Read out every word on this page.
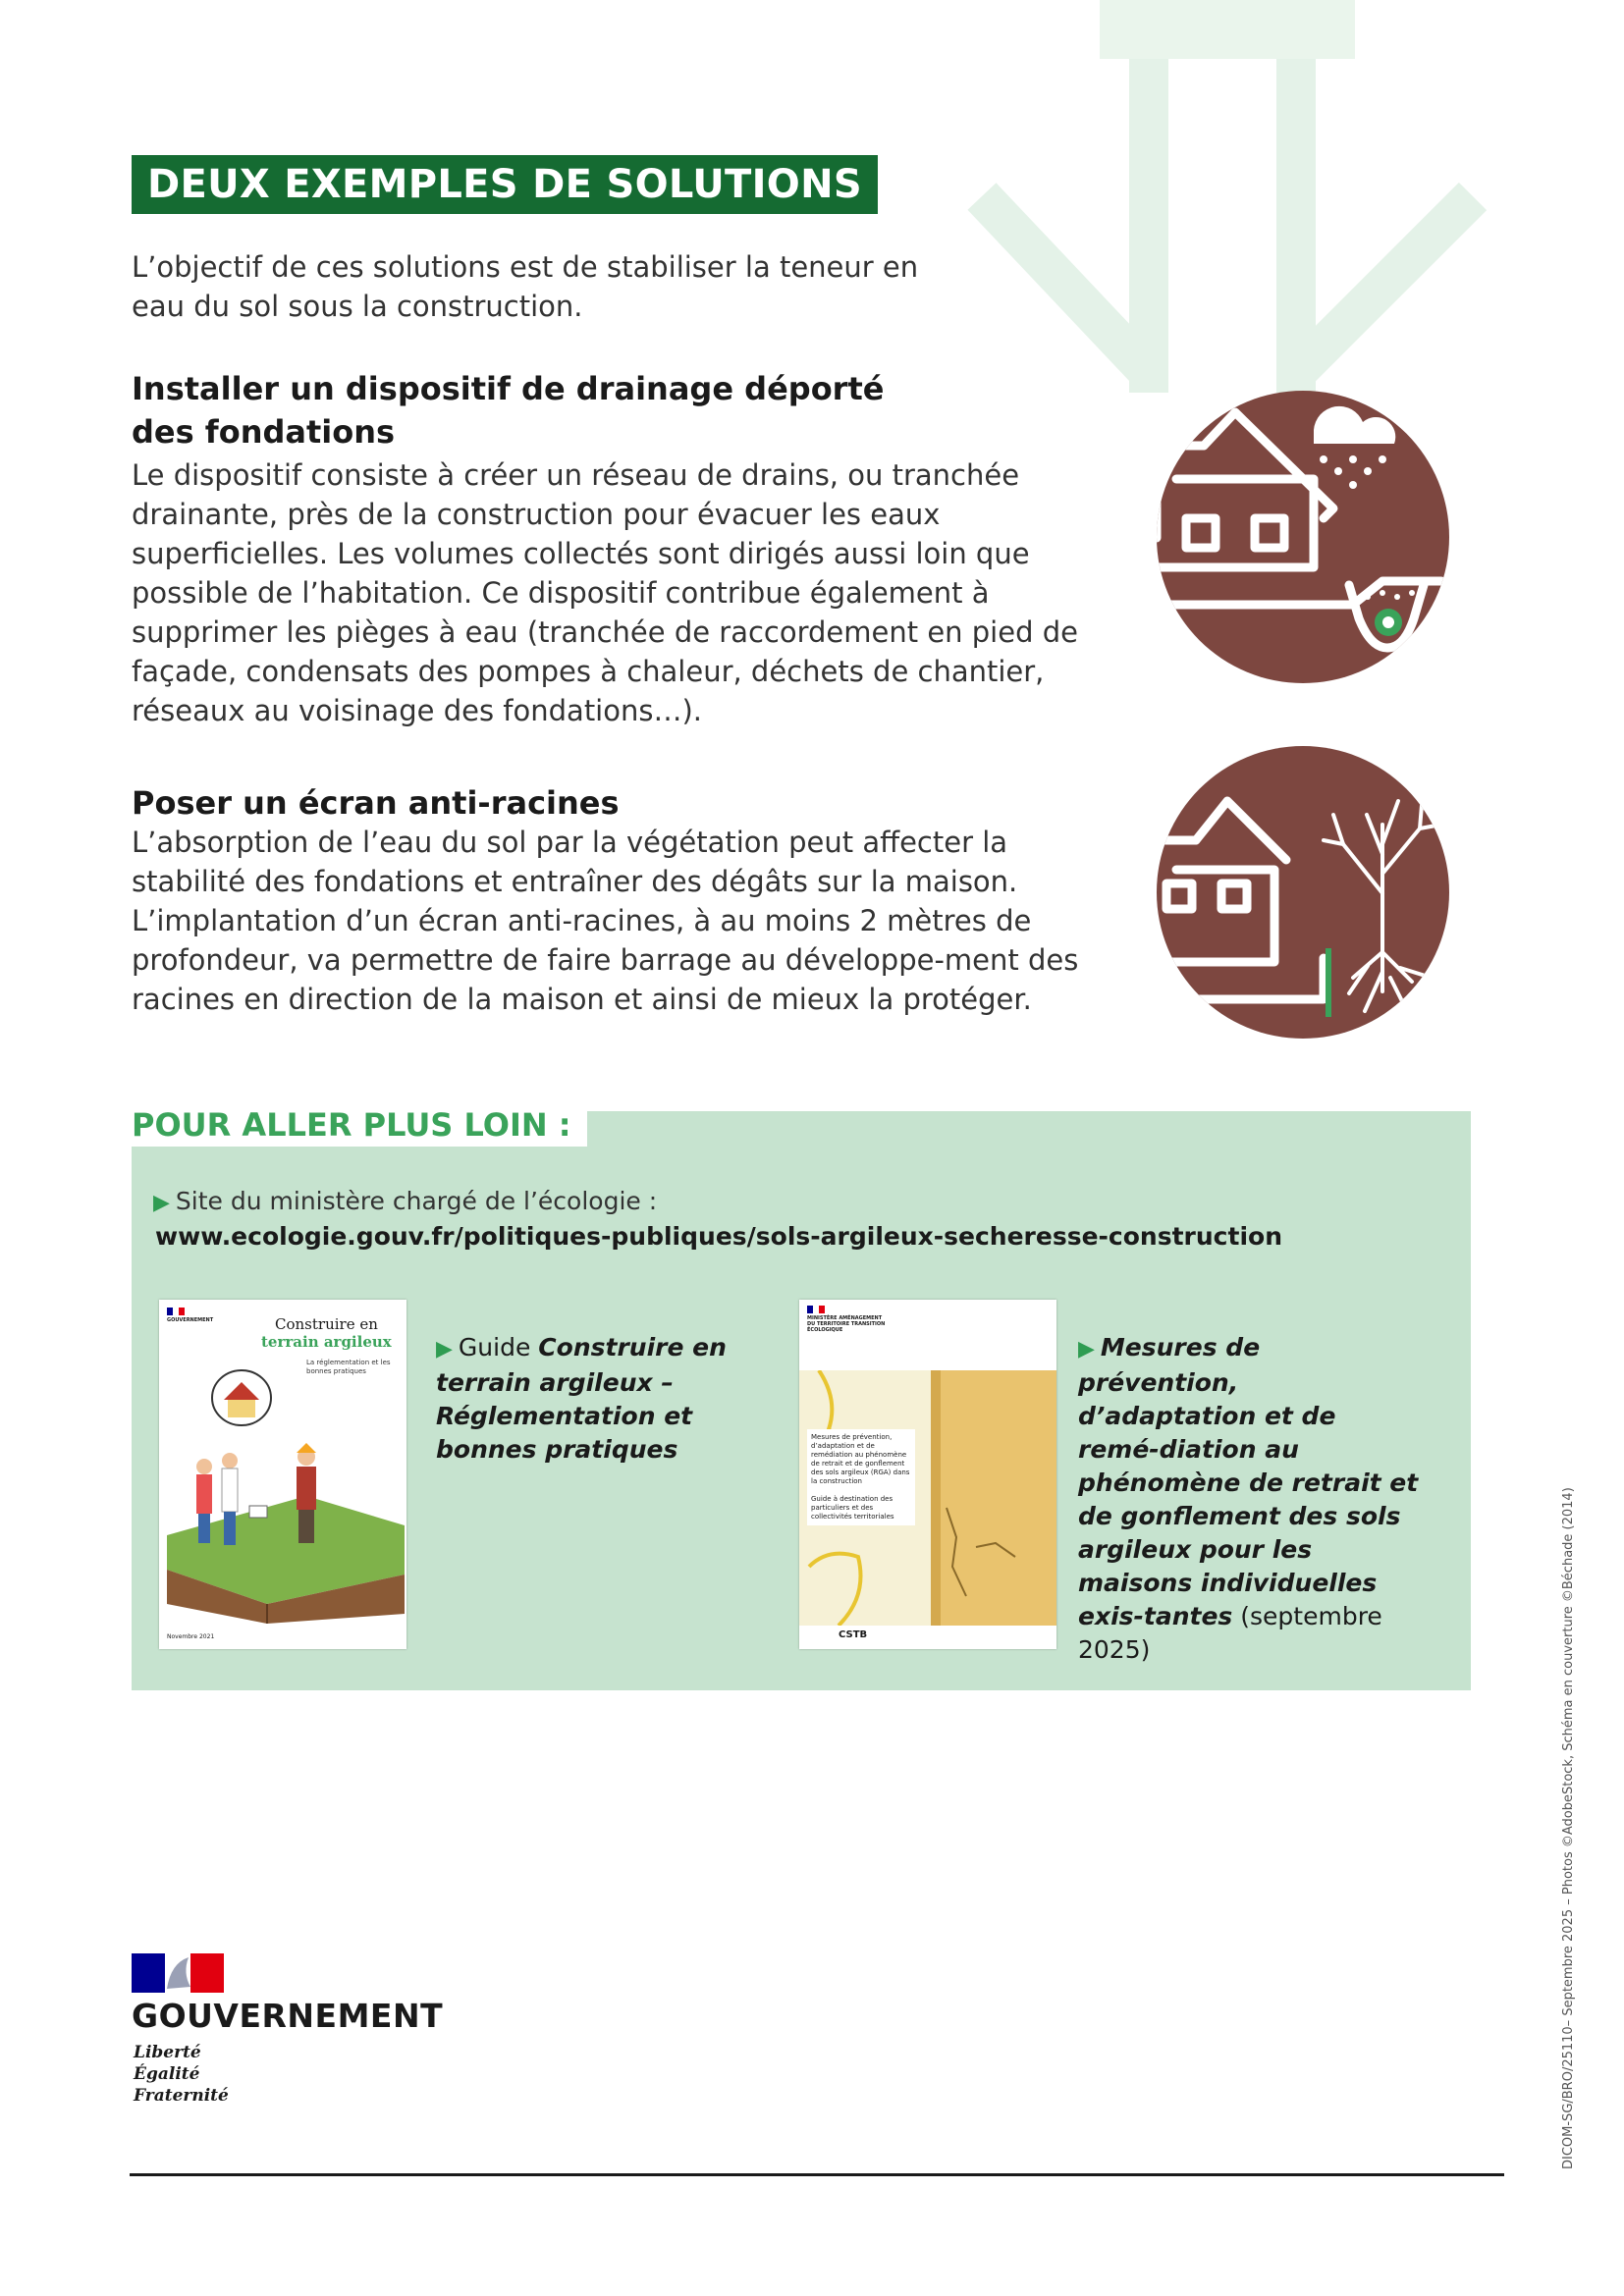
DEUX EXEMPLES DE SOLUTIONS

L’objectif de ces solutions est de stabiliser la teneur en eau du sol sous la construction.

Installer un dispositif de drainage déporté des fondations

Le dispositif consiste à créer un réseau de drains, ou tranchée drainante, près de la construction pour évacuer les eaux superficielles. Les volumes collectés sont dirigés aussi loin que possible de l’habitation. Ce dispositif contribue également à supprimer les pièges à eau (tranchée de raccordement en pied de façade, condensats des pompes à chaleur, déchets de chantier, réseaux au voisinage des fondations…).

Poser un écran anti-racines

L’absorption de l’eau du sol par la végétation peut affecter la stabilité des fondations et entraîner des dégâts sur la maison. L’implantation d’un écran anti-racines, à au moins 2 mètres de profondeur, va permettre de faire barrage au développe-ment des racines en direction de la maison et ainsi de mieux la protéger.

▶ Site du ministère chargé de l’écologie :
www.ecologie.gouv.fr/politiques-publiques/sols-argileux-secheresse-construction
GOUVERNEMENT	Construire en
terrain argileux
La réglementation et les bonnes pratiques
Novembre 2021
▶ Guide Construire en terrain argileux – Réglementation et bonnes pratiques
MINISTÈRE AMÉNAGEMENT DU TERRITOIRE TRANSITION ÉCOLOGIQUE
Mesures de prévention, d’adaptation et de remédiation au phénomène de retrait et de gonflement des sols argileux (RGA) dans la construction

Guide à destination des particuliers et des collectivités territoriales
CSTB
▶ Mesures de prévention, d’adaptation et de remé-diation au phénomène de retrait et de gonflement des sols argileux pour les maisons individuelles exis-tantes (septembre 2025)
POUR ALLER PLUS LOIN :
GOUVERNEMENT
Liberté
Égalité
Fraternité	DICOM-SG/BRO/25110– Septembre 2025 – Photos ©AdobeStock, Schéma en couverture ©Béchade (2014)
